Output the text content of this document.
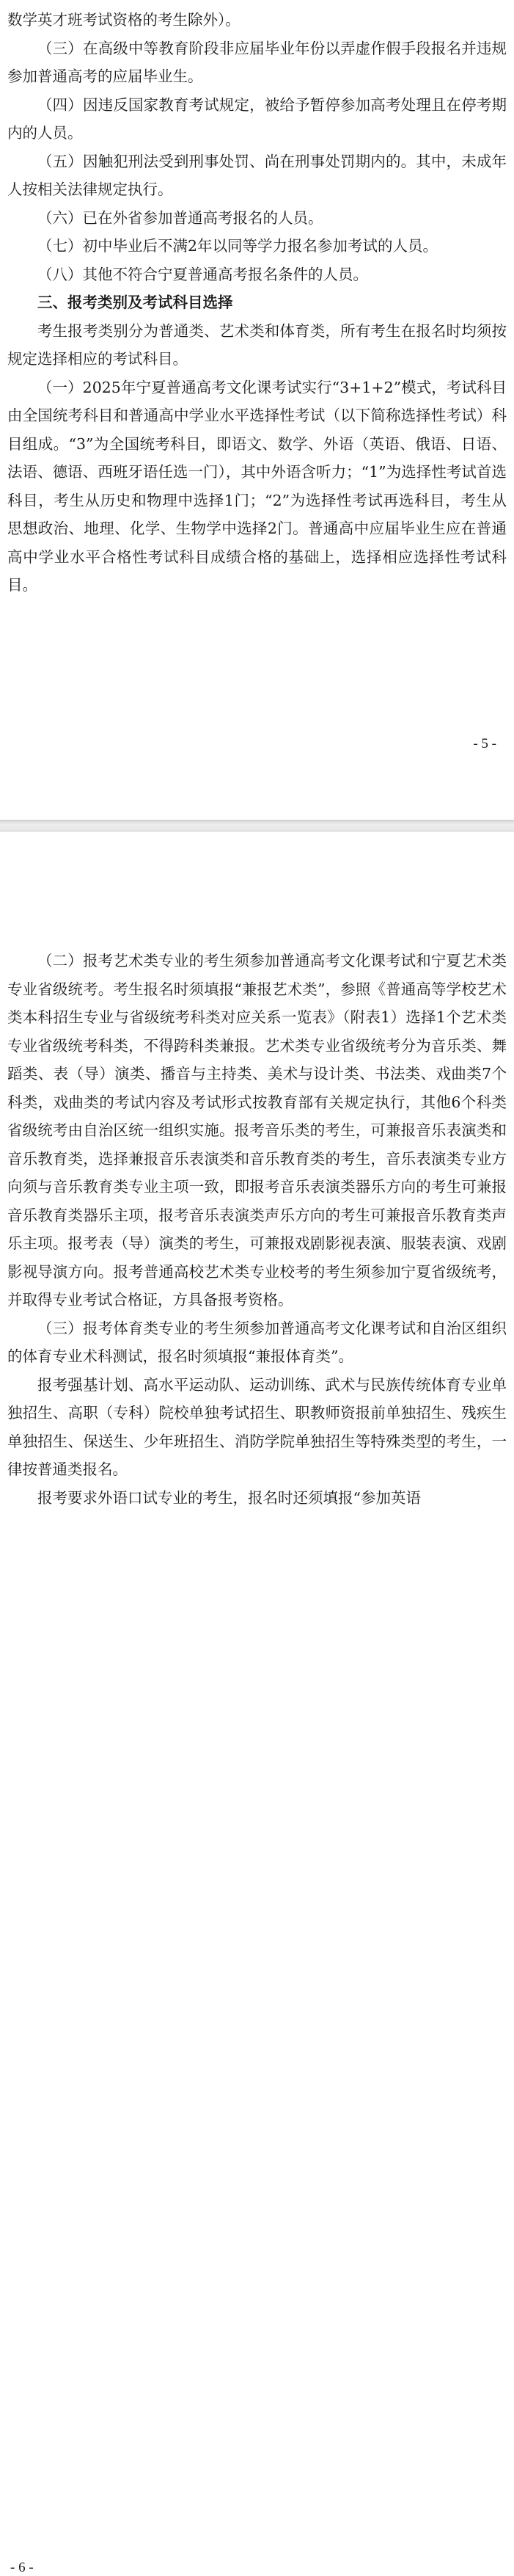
数学英才班考试资格的考生除外）。

（三）在高级中等教育阶段非应届毕业年份以弄虚作假手段报名并违规参加普通高考的应届毕业生。

（四）因违反国家教育考试规定，被给予暂停参加高考处理且在停考期内的人员。

（五）因触犯刑法受到刑事处罚、尚在刑事处罚期内的。其中，未成年人按相关法律规定执行。

（六）已在外省参加普通高考报名的人员。

（七）初中毕业后不满2年以同等学力报名参加考试的人员。

（八）其他不符合宁夏普通高考报名条件的人员。

三、报考类别及考试科目选择

考生报考类别分为普通类、艺术类和体育类，所有考生在报名时均须按规定选择相应的考试科目。

（一）2025年宁夏普通高考文化课考试实行“3+1+2”模式，考试科目由全国统考科目和普通高中学业水平选择性考试（以下简称选择性考试）科目组成。“3”为全国统考科目，即语文、数学、外语（英语、俄语、日语、法语、德语、西班牙语任选一门），其中外语含听力；“1”为选择性考试首选科目，考生从历史和物理中选择1门；“2”为选择性考试再选科目，考生从思想政治、地理、化学、生物学中选择2门。普通高中应届毕业生应在普通高中学业水平合格性考试科目成绩合格的基础上，选择相应选择性考试科目。

- 5 -
- 6 -

（二）报考艺术类专业的考生须参加普通高考文化课考试和宁夏艺术类专业省级统考。考生报名时须填报“兼报艺术类”，参照《普通高等学校艺术类本科招生专业与省级统考科类对应关系一览表》（附表1）选择1个艺术类专业省级统考科类，不得跨科类兼报。艺术类专业省级统考分为音乐类、舞蹈类、表（导）演类、播音与主持类、美术与设计类、书法类、戏曲类7个科类，戏曲类的考试内容及考试形式按教育部有关规定执行，其他6个科类省级统考由自治区统一组织实施。报考音乐类的考生，可兼报音乐表演类和音乐教育类，选择兼报音乐表演类和音乐教育类的考生，音乐表演类专业方向须与音乐教育类专业主项一致，即报考音乐表演类器乐方向的考生可兼报音乐教育类器乐主项，报考音乐表演类声乐方向的考生可兼报音乐教育类声乐主项。报考表（导）演类的考生，可兼报戏剧影视表演、服装表演、戏剧影视导演方向。报考普通高校艺术类专业校考的考生须参加宁夏省级统考，并取得专业考试合格证，方具备报考资格。

（三）报考体育类专业的考生须参加普通高考文化课考试和自治区组织的体育专业术科测试，报名时须填报“兼报体育类”。

报考强基计划、高水平运动队、运动训练、武术与民族传统体育专业单独招生、高职（专科）院校单独考试招生、职教师资报前单独招生、残疾生单独招生、保送生、少年班招生、消防学院单独招生等特殊类型的考生，一律按普通类报名。

报考要求外语口试专业的考生，报名时还须填报“参加英语
